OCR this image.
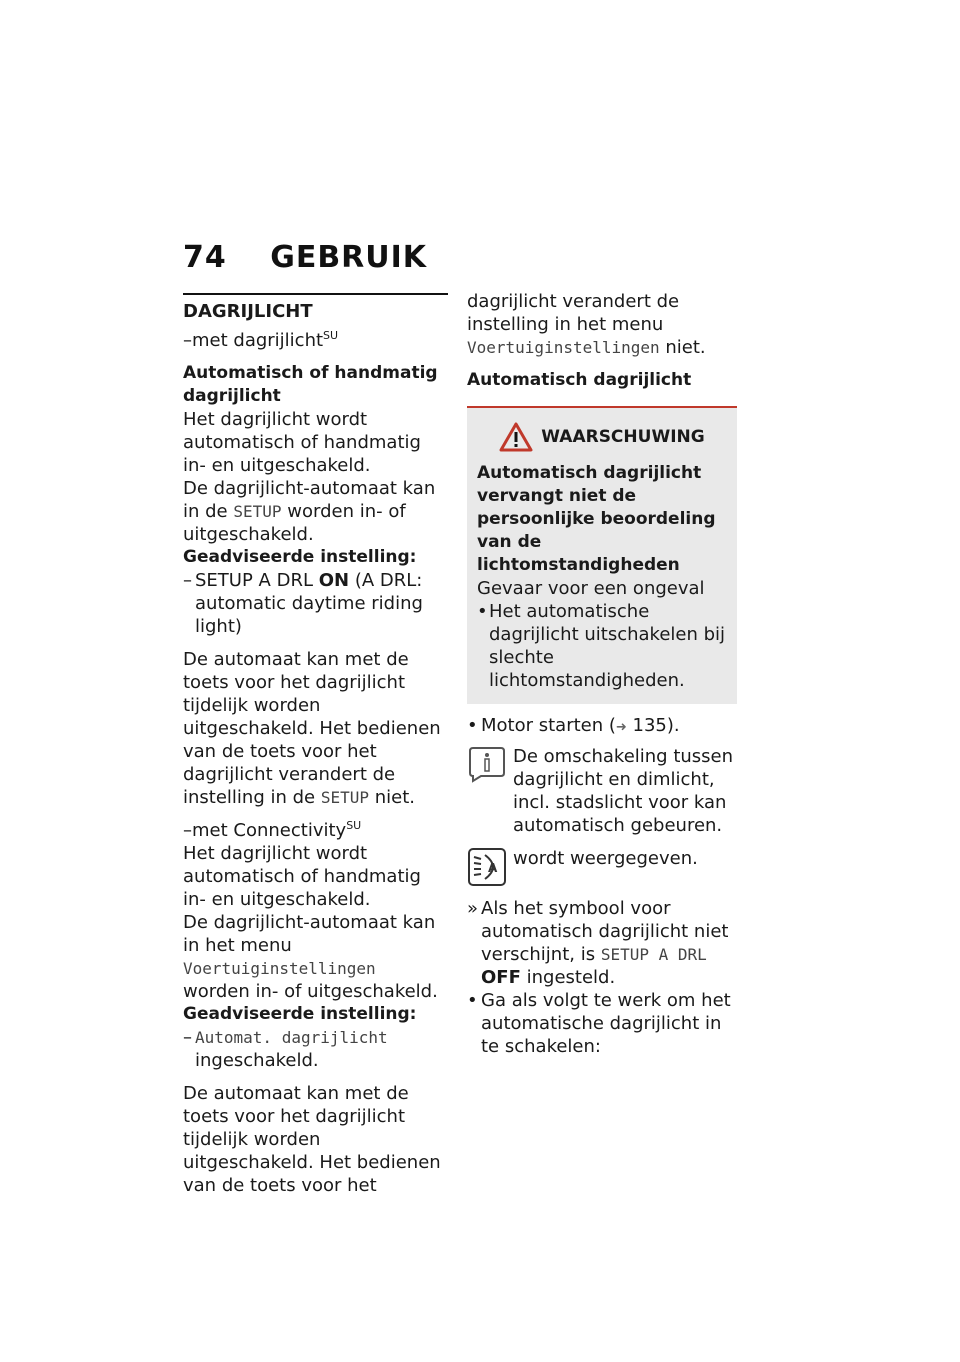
74 GEBRUIK
DAGRIJLICHT

–met dagrijlicht$^{SU}$

Automatisch of handmatig dagrijlicht

Het dagrijlicht wordt automatisch of handmatig in- en uitgeschakeld.

De dagrijlicht-automaat kan in de SETUP worden in- of uitgeschakeld.

Geadviseerde instelling:
– SETUP A DRL ON (A DRL: automatic daytime riding light)

De automaat kan met de toets voor het dagrijlicht tijdelijk worden uitgeschakeld. Het bedienen van de toets voor het dagrijlicht verandert de instelling in de SETUP niet.

–met Connectivity$^{SU}$

Het dagrijlicht wordt automatisch of handmatig in- en uitgeschakeld.

De dagrijlicht-automaat kan in het menu Voertuiginstellingen worden in- of uitgeschakeld.

Geadviseerde instelling:
– Automat. dagrijlicht ingeschakeld.

De automaat kan met de toets voor het dagrijlicht tijdelijk worden uitgeschakeld. Het bedienen van de toets voor het

dagrijlicht verandert de instelling in het menu Voertuiginstellingen niet.

Automatisch dagrijlicht
WAARSCHUWING
Automatisch dagrijlicht vervangt niet de persoonlijke beoordeling van de lichtomstandigheden

Gevaar voor een ongeval

• Het automatische dagrijlicht uitschakelen bij slechte lichtomstandigheden.
• Motor starten (➜ 135).

De omschakeling tussen dagrijlicht en dimlicht, incl. stadslicht voor kan automatisch gebeuren.

A wordt weergegeven.

» Als het symbool voor automatisch dagrijlicht niet verschijnt, is SETUP A DRL OFF ingesteld.
• Ga als volgt te werk om het automatische dagrijlicht in te schakelen:
